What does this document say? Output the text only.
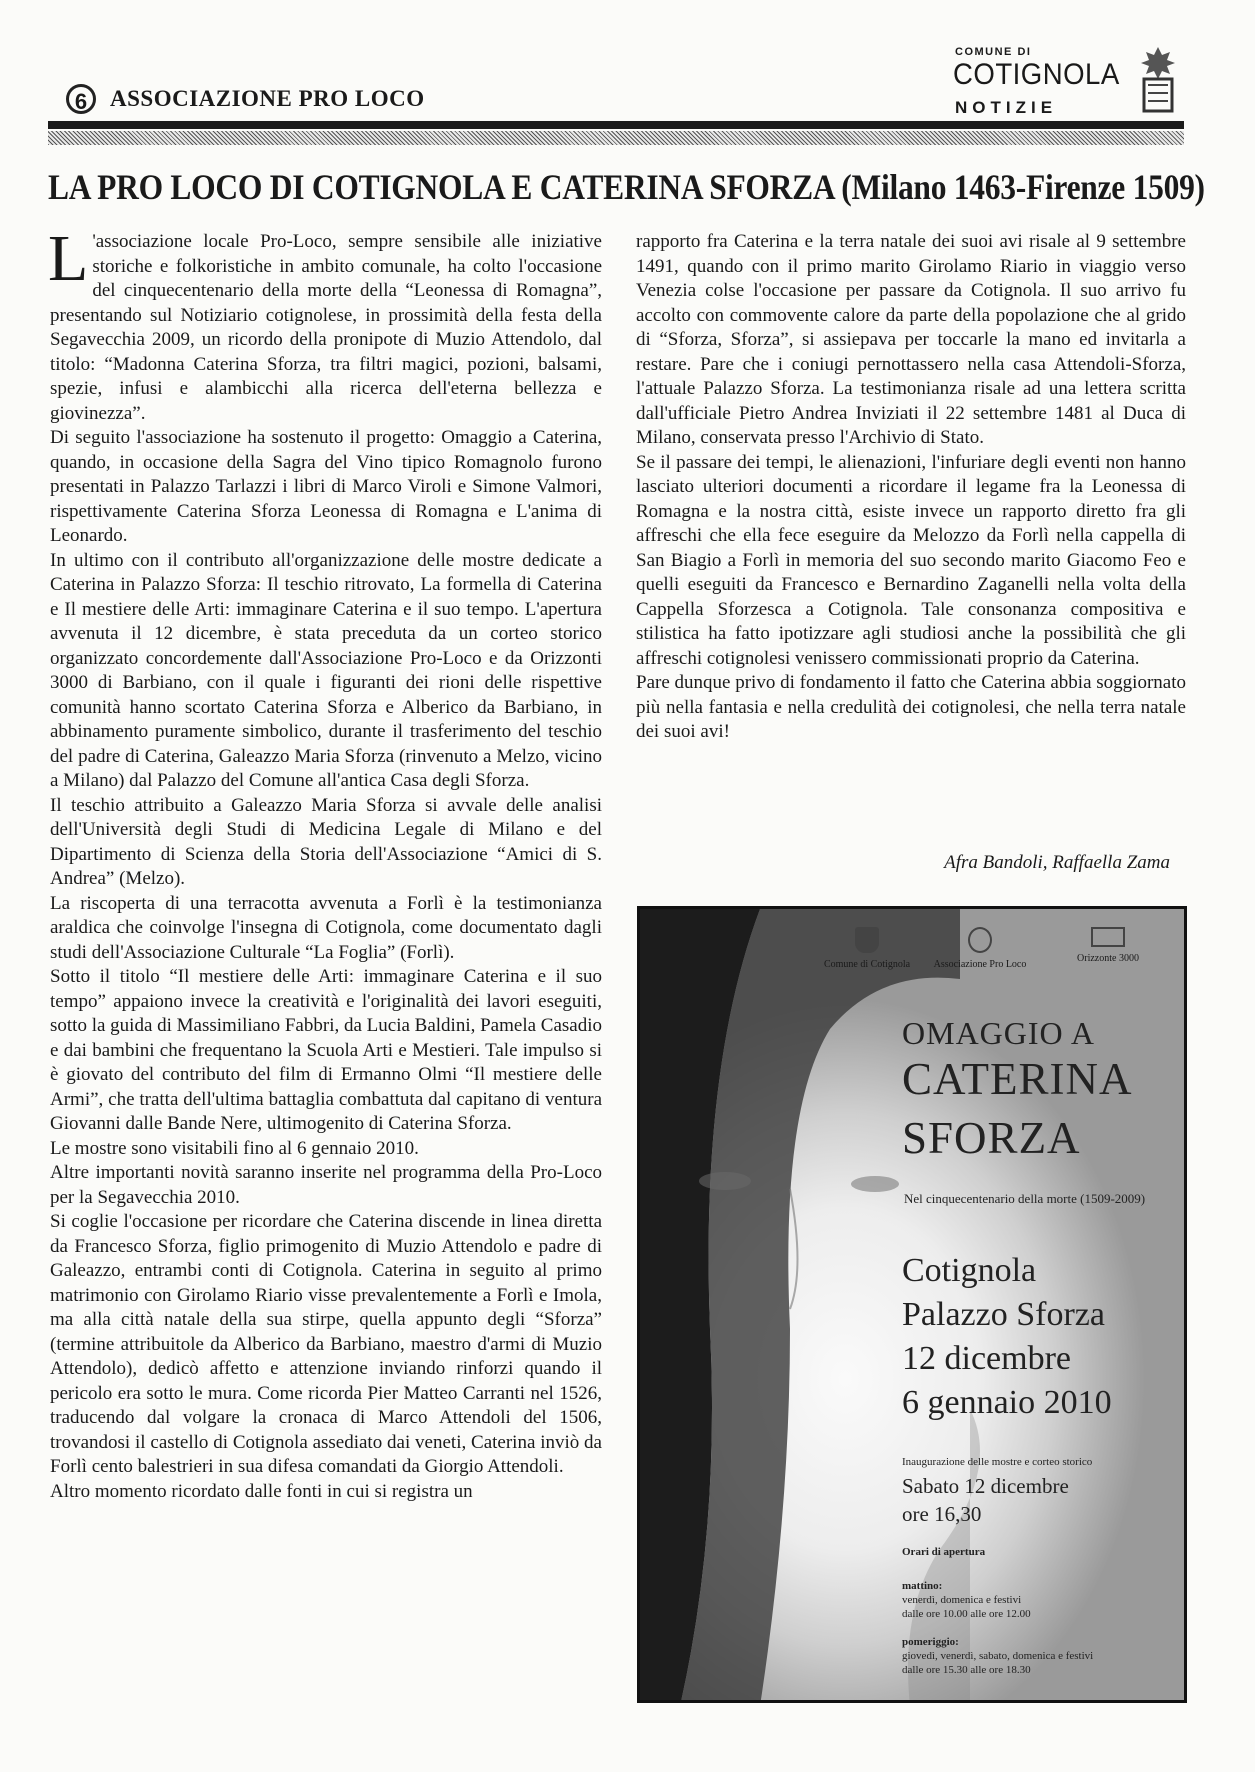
6 ASSOCIAZIONE PRO LOCO
COMUNE DI
COTIGNOLA
NOTIZIE
LA PRO LOCO DI COTIGNOLA E CATERINA SFORZA (Milano 1463-Firenze 1509)

L 'associazione locale Pro-Loco, sempre sensibile alle iniziative storiche e folkoristiche in ambito comunale, ha colto l'occasione del cinquecentenario della morte della “Leonessa di Romagna”, presentando sul Notiziario cotignolese, in prossimità della festa della Segavecchia 2009, un ricordo della pronipote di Muzio Attendolo, dal titolo: “Madonna Caterina Sforza, tra filtri magici, pozioni, balsami, spezie, infusi e alambicchi alla ricerca dell'eterna bellezza e giovinezza”.

Di seguito l'associazione ha sostenuto il progetto: Omaggio a Caterina, quando, in occasione della Sagra del Vino tipico Romagnolo furono presentati in Palazzo Tarlazzi i libri di Marco Viroli e Simone Valmori, rispettivamente Caterina Sforza Leonessa di Romagna e L'anima di Leonardo.

In ultimo con il contributo all'organizzazione delle mostre dedicate a Caterina in Palazzo Sforza: Il teschio ritrovato, La formella di Caterina e Il mestiere delle Arti: immaginare Caterina e il suo tempo. L'apertura avvenuta il 12 dicembre, è stata preceduta da un corteo storico organizzato concordemente dall'Associazione Pro-Loco e da Orizzonti 3000 di Barbiano, con il quale i figuranti dei rioni delle rispettive comunità hanno scortato Caterina Sforza e Alberico da Barbiano, in abbinamento puramente simbolico, durante il trasferimento del teschio del padre di Caterina, Galeazzo Maria Sforza (rinvenuto a Melzo, vicino a Milano) dal Palazzo del Comune all'antica Casa degli Sforza.

Il teschio attribuito a Galeazzo Maria Sforza si avvale delle analisi dell'Università degli Studi di Medicina Legale di Milano e del Dipartimento di Scienza della Storia dell'Associazione “Amici di S. Andrea” (Melzo).

La riscoperta di una terracotta avvenuta a Forlì è la testimonianza araldica che coinvolge l'insegna di Cotignola, come documentato dagli studi dell'Associazione Culturale “La Foglia” (Forlì).

Sotto il titolo “Il mestiere delle Arti: immaginare Caterina e il suo tempo” appaiono invece la creatività e l'originalità dei lavori eseguiti, sotto la guida di Massimiliano Fabbri, da Lucia Baldini, Pamela Casadio e dai bambini che frequentano la Scuola Arti e Mestieri. Tale impulso si è giovato del contributo del film di Ermanno Olmi “Il mestiere delle Armi”, che tratta dell'ultima battaglia combattuta dal capitano di ventura Giovanni dalle Bande Nere, ultimogenito di Caterina Sforza.

Le mostre sono visitabili fino al 6 gennaio 2010.

Altre importanti novità saranno inserite nel programma della Pro-Loco per la Segavecchia 2010.

Si coglie l'occasione per ricordare che Caterina discende in linea diretta da Francesco Sforza, figlio primogenito di Muzio Attendolo e padre di Galeazzo, entrambi conti di Cotignola. Caterina in seguito al primo matrimonio con Girolamo Riario visse prevalentemente a Forlì e Imola, ma alla città natale della sua stirpe, quella appunto degli “Sforza” (termine attribuitole da Alberico da Barbiano, maestro d'armi di Muzio Attendolo), dedicò affetto e attenzione inviando rinforzi quando il pericolo era sotto le mura. Come ricorda Pier Matteo Carranti nel 1526, traducendo dal volgare la cronaca di Marco Attendoli del 1506, trovandosi il castello di Cotignola assediato dai veneti, Caterina inviò da Forlì cento balestrieri in sua difesa comandati da Giorgio Attendoli.

Altro momento ricordato dalle fonti in cui si registra un

rapporto fra Caterina e la terra natale dei suoi avi risale al 9 settembre 1491, quando con il primo marito Girolamo Riario in viaggio verso Venezia colse l'occasione per passare da Cotignola. Il suo arrivo fu accolto con commovente calore da parte della popolazione che al grido di “Sforza, Sforza”, si assiepava per toccarle la mano ed invitarla a restare. Pare che i coniugi pernottassero nella casa Attendoli-Sforza, l'attuale Palazzo Sforza. La testimonianza risale ad una lettera scritta dall'ufficiale Pietro Andrea Inviziati il 22 settembre 1481 al Duca di Milano, conservata presso l'Archivio di Stato.

Se il passare dei tempi, le alienazioni, l'infuriare degli eventi non hanno lasciato ulteriori documenti a ricordare il legame fra la Leonessa di Romagna e la nostra città, esiste invece un rapporto diretto fra gli affreschi che ella fece eseguire da Melozzo da Forlì nella cappella di San Biagio a Forlì in memoria del suo secondo marito Giacomo Feo e quelli eseguiti da Francesco e Bernardino Zaganelli nella volta della Cappella Sforzesca a Cotignola. Tale consonanza compositiva e stilistica ha fatto ipotizzare agli studiosi anche la possibilità che gli affreschi cotignolesi venissero commissionati proprio da Caterina.

Pare dunque privo di fondamento il fatto che Caterina abbia soggiornato più nella fantasia e nella credulità dei cotignolesi, che nella terra natale dei suoi avi!

Afra Bandoli, Raffaella Zama
Comune di Cotignola	Associazione Pro Loco
Orizzonte 3000
OMAGGIO A
CATERINA
SFORZA
Nel cinquecentenario della morte (1509-2009)
Cotignola
Palazzo Sforza
12 dicembre
6 gennaio 2010
Inaugurazione delle mostre e corteo storico
Sabato 12 dicembre
ore 16,30
Orari di apertura
mattino:
venerdì, domenica e festivi
dalle ore 10.00 alle ore 12.00
pomeriggio:
giovedì, venerdì, sabato, domenica e festivi
dalle ore 15.30 alle ore 18.30
